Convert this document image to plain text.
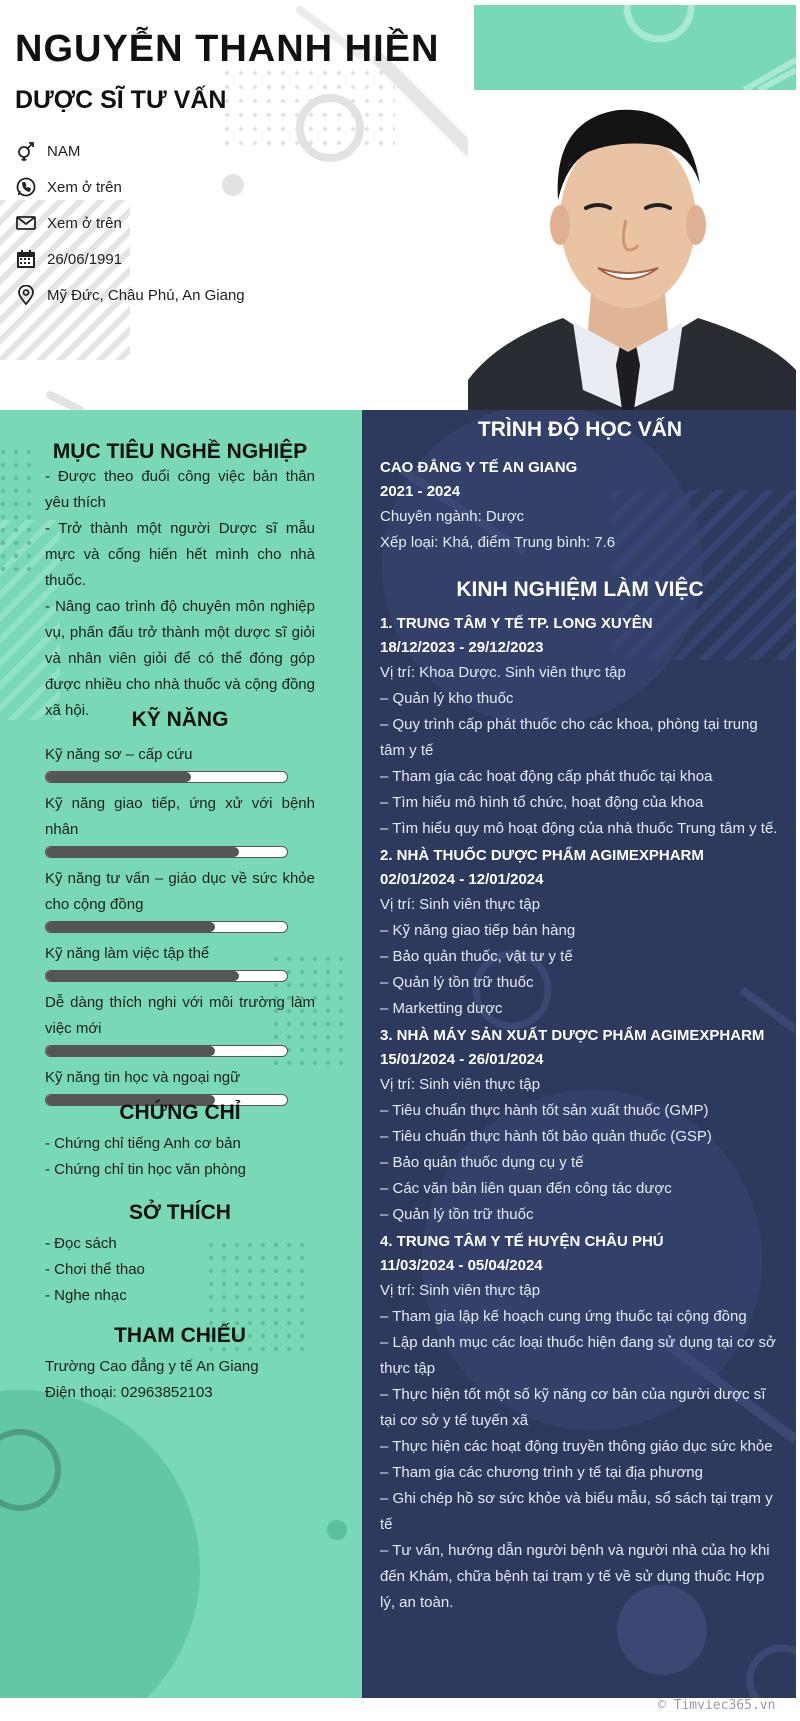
NGUYỄN THANH HIỀN
DƯỢC SĨ TƯ VẤN
NAM
Xem ở trên
Xem ở trên
26/06/1991
Mỹ Đức, Châu Phú, An Giang
MỤC TIÊU NGHỀ NGHIỆP
- Được theo đuổi công việc bản thân yêu thích
- Trở thành một người Dược sĩ mẫu mực và cống hiến hết mình cho nhà thuốc.
- Nâng cao trình độ chuyên môn nghiệp vụ, phấn đấu trở thành một dược sĩ giỏi và nhân viên giỏi để có thể đóng góp được nhiều cho nhà thuốc và cộng đồng xã hội.	KỸ NĂNG
Kỹ năng sơ – cấp cứu
Kỹ năng giao tiếp, ứng xử với bệnh nhân
Kỹ năng tư vấn – giáo dục về sức khỏe cho cộng đồng
Kỹ năng làm việc tập thể
Dễ dàng thích nghi với môi trường làm việc mới
Kỹ năng tin học và ngoại ngữ
CHỨNG CHỈ
- Chứng chỉ tiếng Anh cơ bản
- Chứng chỉ tin học văn phòng
SỞ THÍCH
- Đọc sách
- Chơi thể thao
- Nghe nhạc
THAM CHIẾU
Trường Cao đẳng y tế An Giang
Điện thoại: 02963852103
TRÌNH ĐỘ HỌC VẤN
CAO ĐẲNG Y TẾ AN GIANG
2021 - 2024
Chuyên ngành: Dược
Xếp loại: Khá, điểm Trung bình: 7.6
KINH NGHIỆM LÀM VIỆC
1. TRUNG TÂM Y TẾ TP. LONG XUYÊN
18/12/2023 - 29/12/2023
Vị trí: Khoa Dược. Sinh viên thực tập
– Quản lý kho thuốc
– Quy trình cấp phát thuốc cho các khoa, phòng tại trung tâm y tế
– Tham gia các hoạt động cấp phát thuốc tại khoa
– Tìm hiểu mô hình tổ chức, hoạt động của khoa
– Tìm hiểu quy mô hoạt động của nhà thuốc Trung tâm y tế.
2. NHÀ THUỐC DƯỢC PHẨM AGIMEXPHARM
02/01/2024 - 12/01/2024
Vị trí: Sinh viên thực tập
– Kỹ năng giao tiếp bán hàng
– Bảo quản thuốc, vật tư y tế
– Quản lý tồn trữ thuốc
– Marketting dược
3. NHÀ MÁY SẢN XUẤT DƯỢC PHẨM AGIMEXPHARM
15/01/2024 - 26/01/2024
Vị trí: Sinh viên thực tập
– Tiêu chuẩn thực hành tốt sản xuất thuốc (GMP)
– Tiêu chuẩn thực hành tốt bảo quản thuốc (GSP)
– Bảo quản thuốc dụng cụ y tế
– Các văn bản liên quan đến công tác dược
– Quản lý tồn trữ thuốc
4. TRUNG TÂM Y TẾ HUYỆN CHÂU PHÚ
11/03/2024 - 05/04/2024
Vị trí: Sinh viên thực tập
– Tham gia lập kế hoạch cung ứng thuốc tại cộng đồng
– Lập danh mục các loại thuốc hiện đang sử dụng tại cơ sở thực tập
– Thực hiện tốt một số kỹ năng cơ bản của người dược sĩ tại cơ sở y tế tuyến xã
– Thực hiện các hoạt động truyền thông giáo dục sức khỏe
– Tham gia các chương trình y tế tại địa phương
– Ghi chép hồ sơ sức khỏe và biểu mẫu, sổ sách tại trạm y tế
– Tư vấn, hướng dẫn người bệnh và người nhà của họ khi đến Khám, chữa bệnh tại trạm y tế về sử dụng thuốc Hợp lý, an toàn.
© Timviec365.vn
